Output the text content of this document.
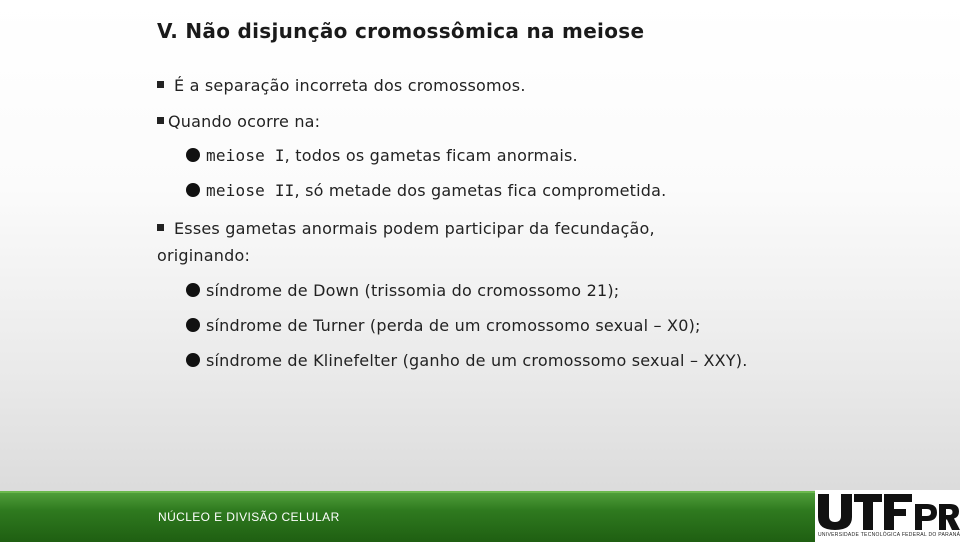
V. Não disjunção cromossômica na meiose
É a separação incorreta dos cromossomos.
Quando ocorre na:
meiose I, todos os gametas ficam anormais.
meiose II, só metade dos gametas fica comprometida.
Esses gametas anormais podem participar da fecundação,
originando:
síndrome de Down (trissomia do cromossomo 21);
síndrome de Turner (perda de um cromossomo sexual – X0);
síndrome de Klinefelter (ganho de um cromossomo sexual – XXY).
NÚCLEO E DIVISÃO CELULAR
UNIVERSIDADE TECNOLÓGICA FEDERAL DO PARANÁ
